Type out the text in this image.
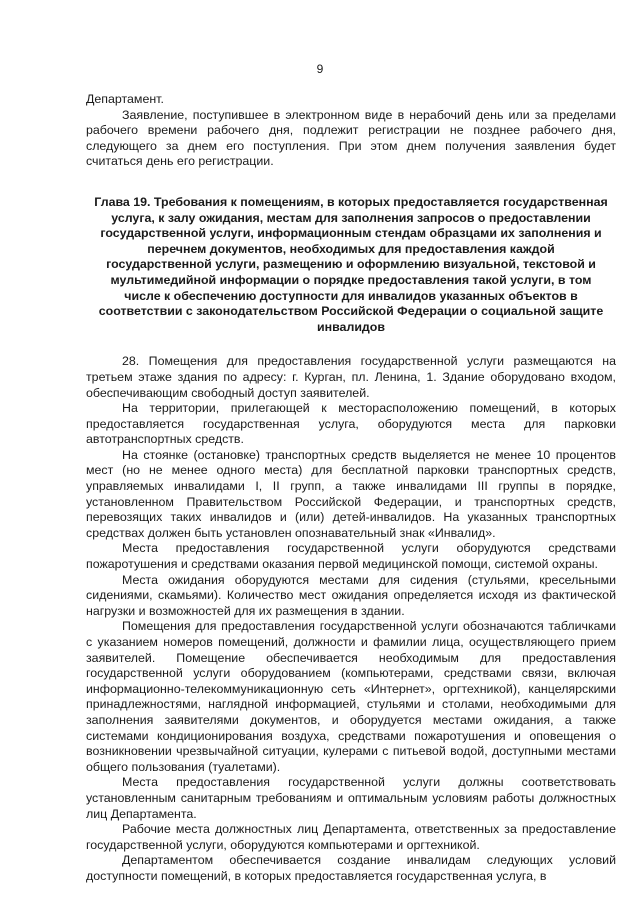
9

Департамент.

Заявление, поступившее в электронном виде в нерабочий день или за пределами рабочего времени рабочего дня, подлежит регистрации не позднее рабочего дня, следующего за днем его поступления. При этом днем получения заявления будет считаться день его регистрации.

Глава 19. Требования к помещениям, в которых предоставляется государственная услуга, к залу ожидания, местам для заполнения запросов о предоставлении государственной услуги, информационным стендам образцами их заполнения и перечнем документов, необходимых для предоставления каждой государственной услуги, размещению и оформлению визуальной, текстовой и мультимедийной информации о порядке предоставления такой услуги, в том числе к обеспечению доступности для инвалидов указанных объектов в соответствии с законодательством Российской Федерации о социальной защите инвалидов

28. Помещения для предоставления государственной услуги размещаются на третьем этаже здания по адресу: г. Курган, пл. Ленина, 1. Здание оборудовано входом, обеспечивающим свободный доступ заявителей.

На территории, прилегающей к месторасположению помещений, в которых предоставляется государственная услуга, оборудуются места для парковки автотранспортных средств.

На стоянке (остановке) транспортных средств выделяется не менее 10 процентов мест (но не менее одного места) для бесплатной парковки транспортных средств, управляемых инвалидами I, II групп, а также инвалидами III группы в порядке, установленном Правительством Российской Федерации, и транспортных средств, перевозящих таких инвалидов и (или) детей-инвалидов. На указанных транспортных средствах должен быть установлен опознавательный знак «Инвалид».

Места предоставления государственной услуги оборудуются средствами пожаротушения и средствами оказания первой медицинской помощи, системой охраны.

Места ожидания оборудуются местами для сидения (стульями, кресельными сидениями, скамьями). Количество мест ожидания определяется исходя из фактической нагрузки и возможностей для их размещения в здании.

Помещения для предоставления государственной услуги обозначаются табличками с указанием номеров помещений, должности и фамилии лица, осуществляющего прием заявителей. Помещение обеспечивается необходимым для предоставления государственной услуги оборудованием (компьютерами, средствами связи, включая информационно-телекоммуникационную сеть «Интернет», оргтехникой), канцелярскими принадлежностями, наглядной информацией, стульями и столами, необходимыми для заполнения заявителями документов, и оборудуется местами ожидания, а также системами кондиционирования воздуха, средствами пожаротушения и оповещения о возникновении чрезвычайной ситуации, кулерами с питьевой водой, доступными местами общего пользования (туалетами).

Места предоставления государственной услуги должны соответствовать установленным санитарным требованиям и оптимальным условиям работы должностных лиц Департамента.

Рабочие места должностных лиц Департамента, ответственных за предоставление государственной услуги, оборудуются компьютерами и оргтехникой.

Департаментом обеспечивается создание инвалидам следующих условий доступности помещений, в которых предоставляется государственная услуга, в
